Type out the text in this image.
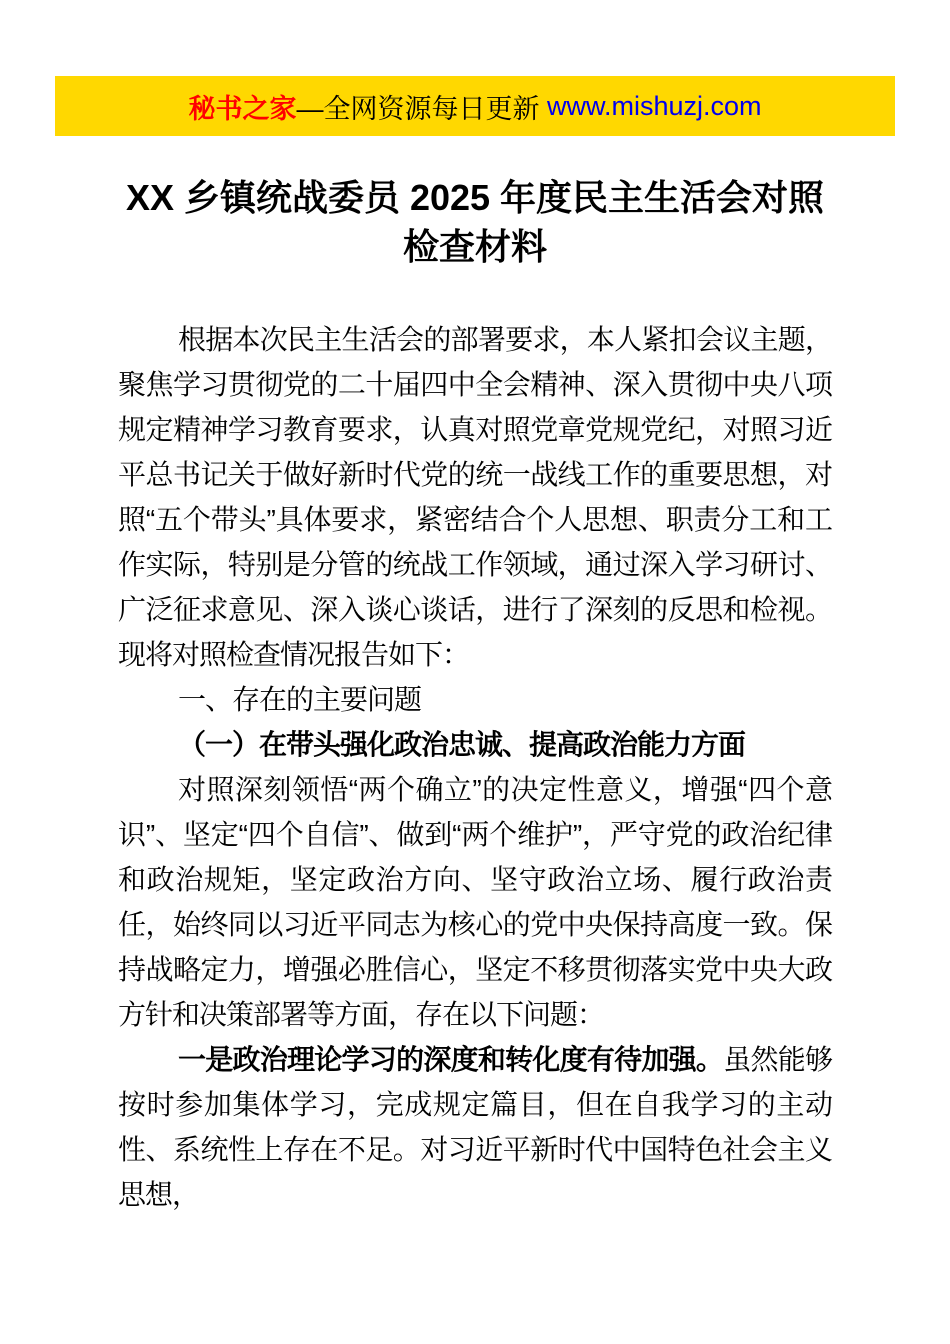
秘书之家 —全网资源每日更新 www.mishuzj.com
XX 乡镇统战委员 2025 年度民主生活会对照检查材料

根据本次民主生活会的部署要求，本人紧扣会议主题，聚焦学习贯彻党的二十届四中全会精神、深入贯彻中央八项规定精神学习教育要求，认真对照党章党规党纪，对照习近平总书记关于做好新时代党的统一战线工作的重要思想，对照“五个带头”具体要求，紧密结合个人思想、职责分工和工作实际，特别是分管的统战工作领域，通过深入学习研讨、广泛征求意见、深入谈心谈话，进行了深刻的反思和检视。现将对照检查情况报告如下：

一、存在的主要问题

（一）在带头强化政治忠诚、提高政治能力方面

对照深刻领悟“两个确立”的决定性意义，增强“四个意识”、坚定“四个自信”、做到“两个维护”，严守党的政治纪律和政治规矩，坚定政治方向、坚守政治立场、履行政治责任，始终同以习近平同志为核心的党中央保持高度一致。保持战略定力，增强必胜信心，坚定不移贯彻落实党中央大政方针和决策部署等方面，存在以下问题：

一是政治理论学习的深度和转化度有待加强。虽然能够按时参加集体学习，完成规定篇目，但在自我学习的主动性、系统性上存在不足。对习近平新时代中国特色社会主义思想，
